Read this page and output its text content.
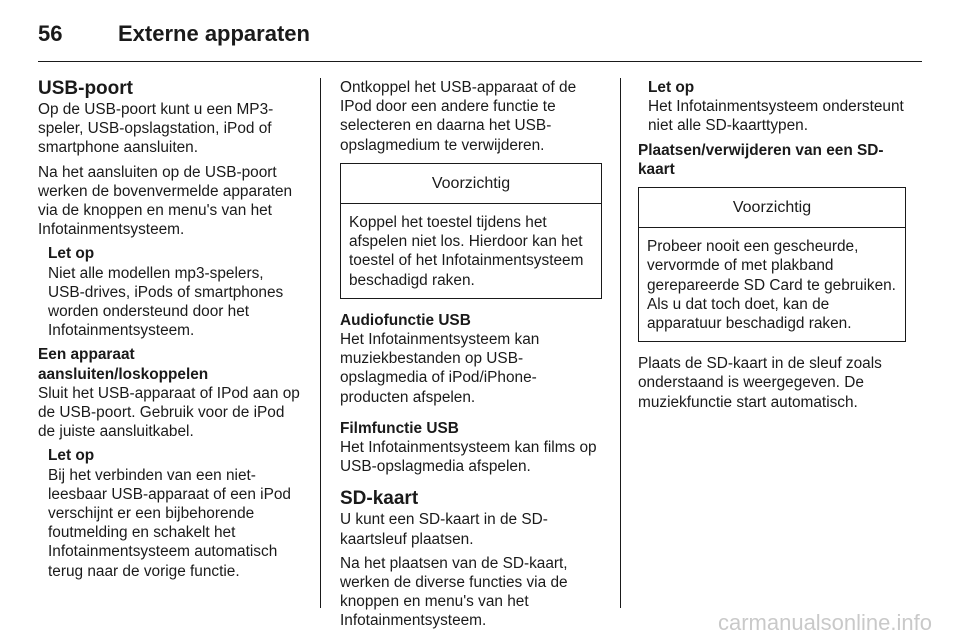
56	Externe apparaten
USB-poort

Op de USB-poort kunt u een MP3-speler, USB-opslagstation, iPod of smartphone aansluiten.

Na het aansluiten op de USB-poort werken de bovenvermelde apparaten via de knoppen en menu's van het Infotainmentsysteem.

Let op
Niet alle modellen mp3-spelers, USB-drives, iPods of smartphones worden ondersteund door het Infotainmentsysteem.
Een apparaat aansluiten/loskoppelen

Sluit het USB-apparaat of IPod aan op de USB-poort. Gebruik voor de iPod de juiste aansluitkabel.

Let op
Bij het verbinden van een niet-leesbaar USB-apparaat of een iPod verschijnt er een bijbehorende foutmelding en schakelt het Infotainmentsysteem automatisch terug naar de vorige functie.

Ontkoppel het USB-apparaat of de IPod door een andere functie te selecteren en daarna het USB-opslagmedium te verwijderen.

Voorzichtig
Koppel het toestel tijdens het afspelen niet los. Hierdoor kan het toestel of het Infotainmentsysteem beschadigd raken.
Audiofunctie USB

Het Infotainmentsysteem kan muziekbestanden op USB-opslagmedia of iPod/iPhone-producten afspelen.

Filmfunctie USB

Het Infotainmentsysteem kan films op USB-opslagmedia afspelen.

SD-kaart

U kunt een SD-kaart in de SD-kaartsleuf plaatsen.

Na het plaatsen van de SD-kaart, werken de diverse functies via de knoppen en menu's van het Infotainmentsysteem.

Let op
Het Infotainmentsysteem ondersteunt niet alle SD-kaarttypen.
Plaatsen/verwijderen van een SD-kaart
Voorzichtig
Probeer nooit een gescheurde, vervormde of met plakband gerepareerde SD Card te gebruiken. Als u dat toch doet, kan de apparatuur beschadigd raken.

Plaats de SD-kaart in de sleuf zoals onderstaand is weergegeven. De muziekfunctie start automatisch.

carmanualsonline.info
